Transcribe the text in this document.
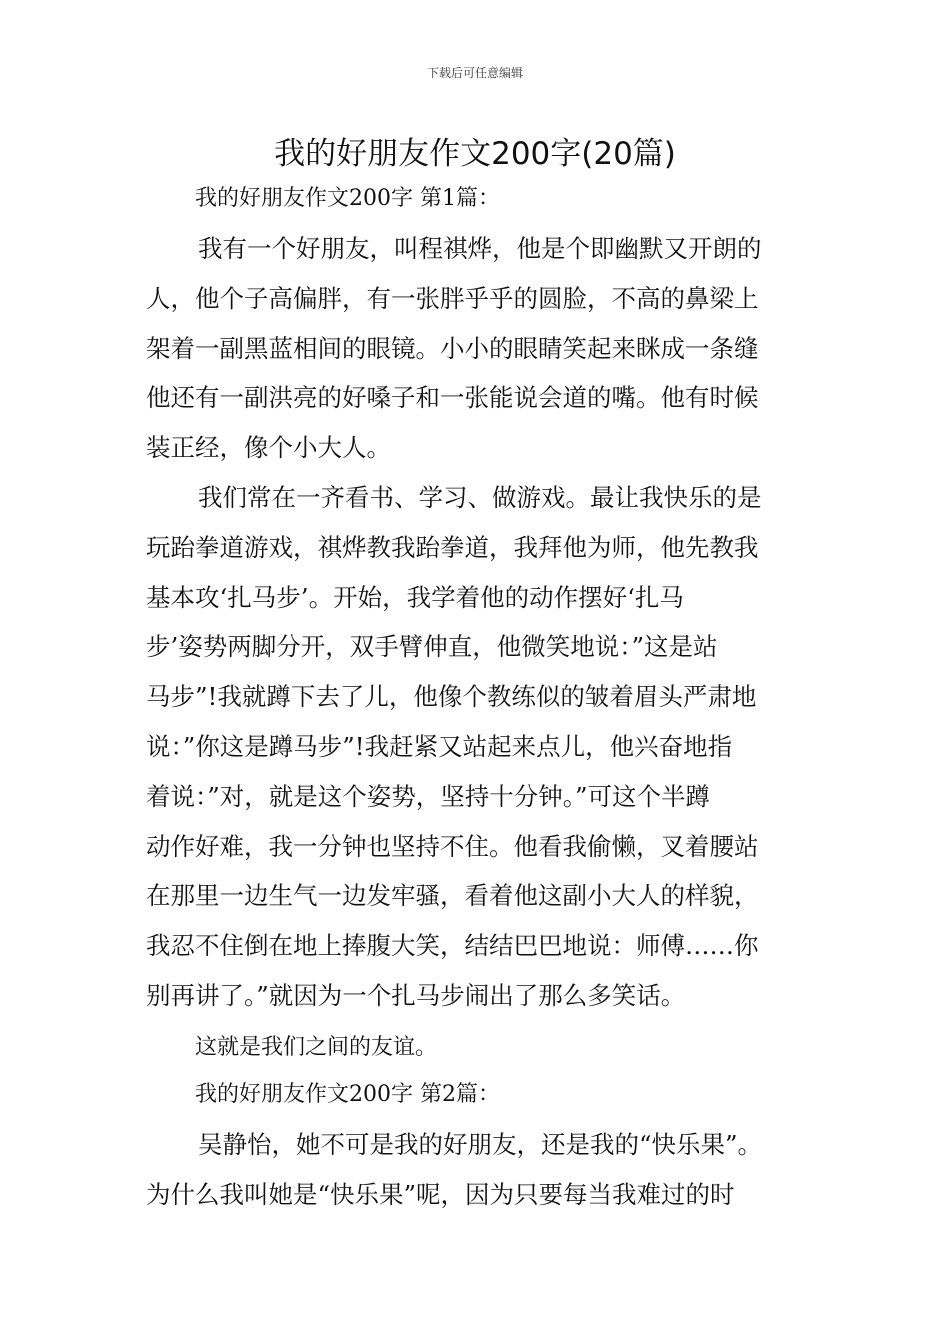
下载后可任意编辑
我的好朋友作文200字(20篇)
我的好朋友作文200字 第1篇：
我有一个好朋友，叫程祺烨，他是个即幽默又开朗的
人，他个子高偏胖，有一张胖乎乎的圆脸，不高的鼻梁上
架着一副黑蓝相间的眼镜。小小的眼睛笑起来眯成一条缝
他还有一副洪亮的好嗓子和一张能说会道的嘴。他有时候
装正经，像个小大人。
我们常在一齐看书、学习、做游戏。最让我快乐的是
玩跆拳道游戏，祺烨教我跆拳道，我拜他为师，他先教我
基本攻‘扎马步’。开始，我学着他的动作摆好‘扎马
步’姿势两脚分开，双手臂伸直，他微笑地说：”这是站
马步”!我就蹲下去了儿，他像个教练似的皱着眉头严肃地
说：”你这是蹲马步”!我赶紧又站起来点儿，他兴奋地指
着说：”对，就是这个姿势，坚持十分钟。”可这个半蹲
动作好难，我一分钟也坚持不住。他看我偷懒，叉着腰站
在那里一边生气一边发牢骚，看着他这副小大人的样貌，
我忍不住倒在地上捧腹大笑，结结巴巴地说：师傅……你
别再讲了。”就因为一个扎马步闹出了那么多笑话。
这就是我们之间的友谊。
我的好朋友作文200字 第2篇：
吴静怡，她不可是我的好朋友，还是我的“快乐果”。
为什么我叫她是“快乐果”呢，因为只要每当我难过的时
